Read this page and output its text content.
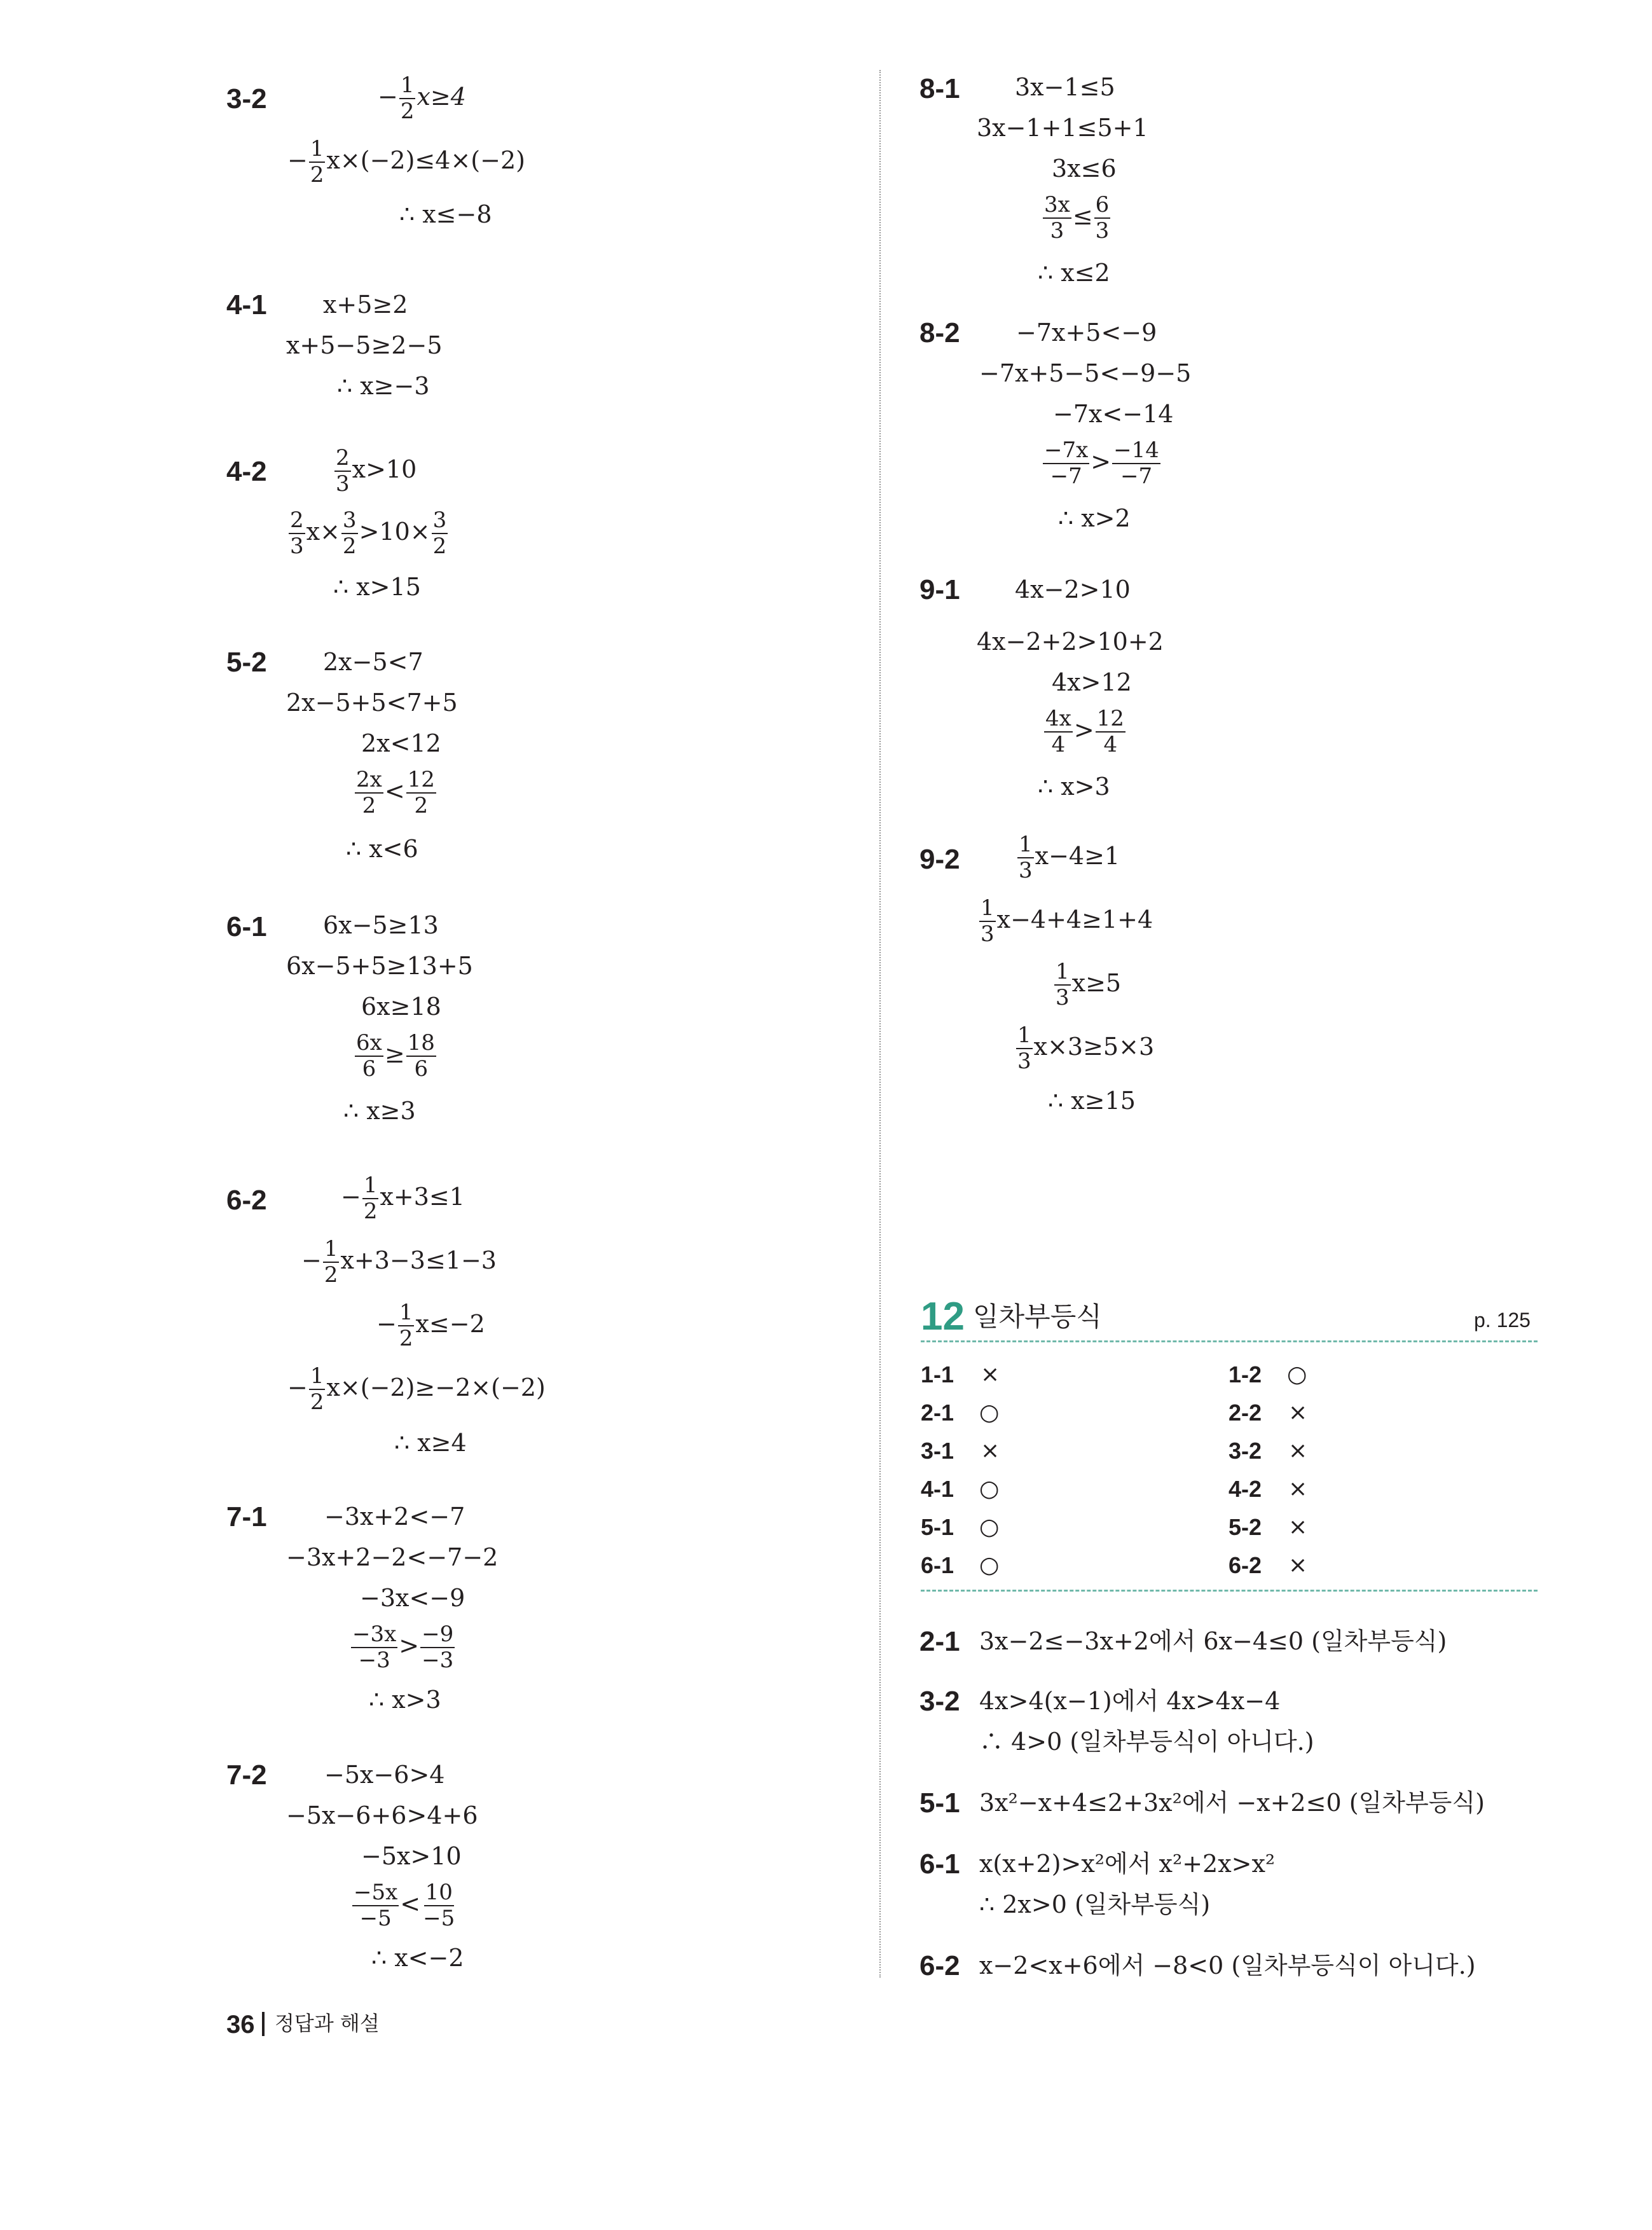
3-2	− $\frac{1}{2} x\ge 4$
− $\frac{1}{2} x\times(-2)\le 4\times(-2)$
∴ x≤−8
4-1 x+5≥2
x+5−5≥2−5
∴ x≥−3
4-2	$\frac{2}{3} x>10$
$\frac{2}{3} x\times \frac{3}{2} >10\times \frac{3}{2}$
∴ x>15
5-2 2x−5<7
2x−5+5<7+5
2x<12
$\frac{2x}{2} < \frac{12}{2}$
∴ x<6
6-1 6x−5≥13
6x−5+5≥13+5
6x≥18
$\frac{6x}{6} \ge \frac{18}{6}$
∴ x≥3
6-2	− $\frac{1}{2} x+3\le 1$
− $\frac{1}{2} x+3-3\le 1-3$
− $\frac{1}{2} x\le-2$
− $\frac{1}{2} x\times(-2)\ge-2\times(-2)$
∴ x≥4
7-1 −3x+2<−7
−3x+2−2<−7−2
−3x<−9
$\frac{-3x}{-3} > \frac{-9}{-3}$
∴ x>3
7-2 −5x−6>4
−5x−6+6>4+6
−5x>10
$\frac{-5x}{-5} < \frac{10}{-5}$
∴ x<−2
8-1 3x−1≤5
3x−1+1≤5+1
3x≤6
$\frac{3x}{3} \le \frac{6}{3}$
∴ x≤2
8-2 −7x+5<−9
−7x+5−5<−9−5
−7x<−14
$\frac{-7x}{-7} > \frac{-14}{-7}$
∴ x>2
9-1 4x−2>10
4x−2+2>10+2
4x>12
$\frac{4x}{4} > \frac{12}{4}$
∴ x>3
9-2	$\frac{1}{3} x-4\ge 1$
$\frac{1}{3} x-4+4\ge 1+4$
$\frac{1}{3} x\ge 5$
$\frac{1}{3} x\times 3\ge 5\times 3$
∴ x≥15
12 일차부등식	p. 125
1-1 ×	1-2 ○
2-1 ○	2-2 ×
3-1 ×	3-2 ×
4-1 ○	4-2 ×
5-1 ○	5-2 ×
6-1 ○	6-2 ×
2-1 3x−2≤−3x+2에서 6x−4≤0 (일차부등식)
3-2 4x>4(x−1)에서 4x>4x−4
∴ 4>0 (일차부등식이 아니다.)
5-1 3x²−x+4≤2+3x²에서 −x+2≤0 (일차부등식)
6-1 x(x+2)>x²에서 x²+2x>x²
∴ 2x>0 (일차부등식)
6-2 x−2<x+6에서 −8<0 (일차부등식이 아니다.)
36 정답과 해설
